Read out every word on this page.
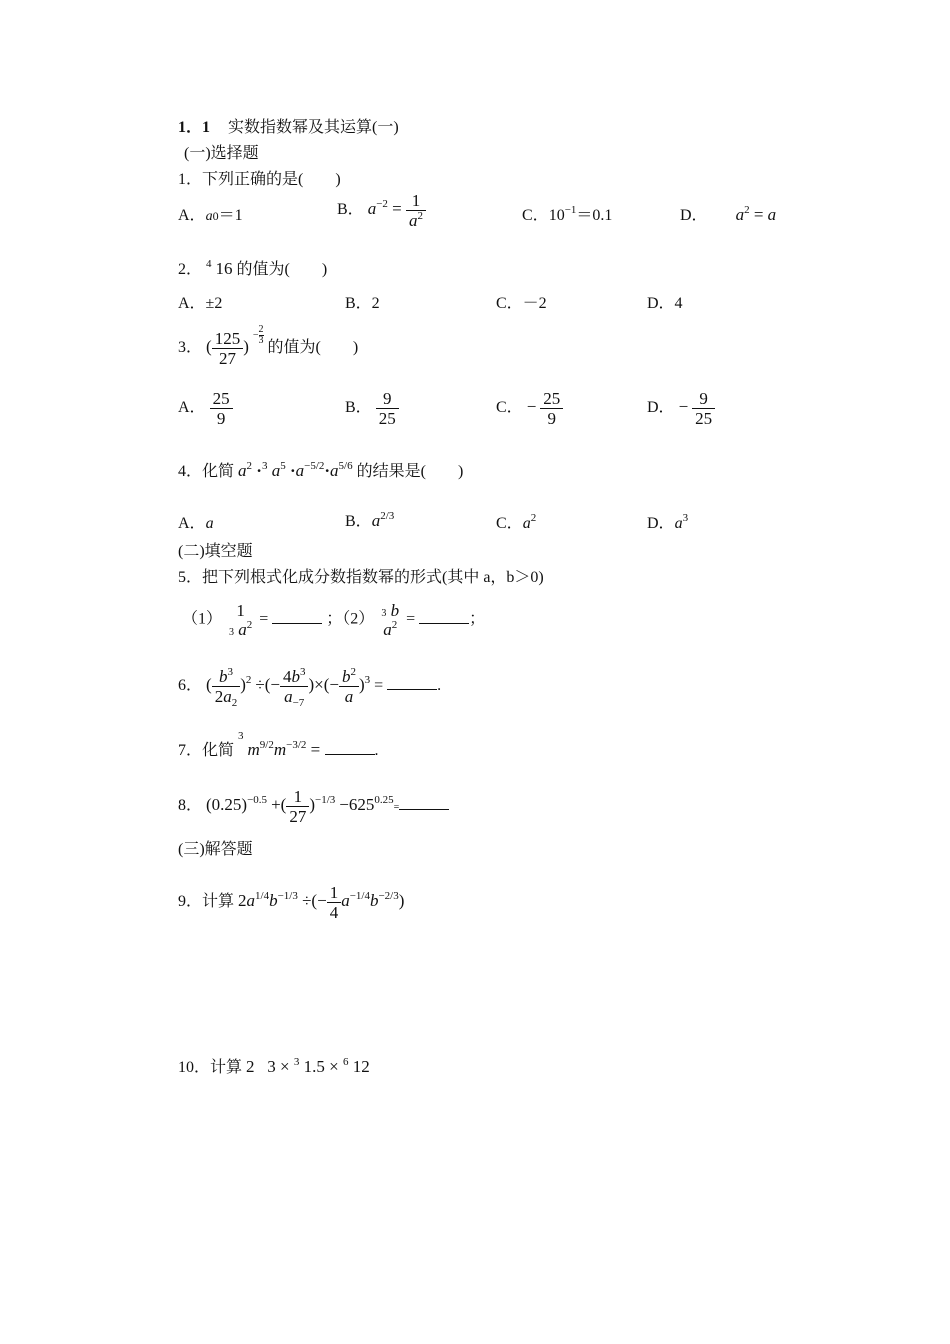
1．1 实数指数幂及其运算(一)
(一)选择题
1．下列正确的是(　　)
A．a0＝1	B． $a^{-2} = \frac{1}{a^2}$	C．$10^{-1}=0.1$	D． $a^2 = a$
2． $^4$ 16 的值为(　　)
A．±2	B．2	C．－2	D．4
3． ( $\frac{125}{27}$ ) $^{- \frac{2}{3}}$
的值为(　　)
A． $\frac{25}{9}$	B． $\frac{9}{25}$	C． − $\frac{25}{9}$	D． − $\frac{9}{25}$
4．化简 $a^2 \cdot^3$ $a^5 \cdot a^{-5/2}\cdot a^{5/6}$ 的结果是(　　)
A．a	B．$a^{2/3}$	C．$a^2$	D．$a^3$
(二)填空题
5．把下列根式化成分数指数幂的形式(其中 a，b＞0)
（1） 1
3 $a^2$ =	；（2） 3 b
$a^2$ =	；
6． ( $\frac{b^3}{2a_2} )^2$ ÷(− $\frac{4b^3}{a_{-7}}$ )×(− $\frac{b^2}{a} )^3$ =	.
7．化简 $^3$ $m^{9/2}m^{-3/2}$ =	.
8． $(0.25)^{-0.5}$ +( $\frac{1}{27} )^{-1/3} -625^{0.25}=$
(三)解答题
9．计算 $2a^{1/4}b^{-1/3}$ ÷(− $\frac{1}{4} a^{-1/4}b^{-2/3}$)
10．计算 2   3 × $^3$ 1.5 × $^6$ 12
